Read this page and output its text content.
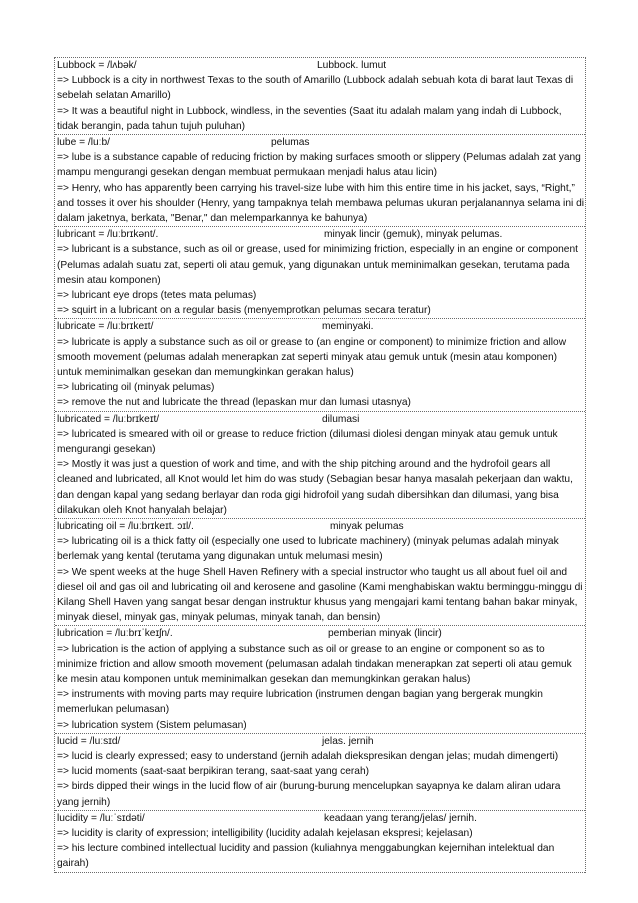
Lubbock = /lʌbək/	Lubbock. lumut
=> Lubbock is a city in northwest Texas to the south of Amarillo (Lubbock adalah sebuah kota di barat laut Texas di sebelah selatan Amarillo)
=> It was a beautiful night in Lubbock, windless, in the seventies (Saat itu adalah malam yang indah di Lubbock, tidak berangin, pada tahun tujuh puluhan)
lube = /luːb/	pelumas
=> lube is a substance capable of reducing friction by making surfaces smooth or slippery (Pelumas adalah zat yang mampu mengurangi gesekan dengan membuat permukaan menjadi halus atau licin)
=> Henry, who has apparently been carrying his travel-size lube with him this entire time in his jacket, says, “Right,” and tosses it over his shoulder (Henry, yang tampaknya telah membawa pelumas ukuran perjalanannya selama ini di dalam jaketnya, berkata, "Benar," dan melemparkannya ke bahunya)
lubricant = /luːbrɪkənt/.	minyak lincir (gemuk), minyak pelumas.
=> lubricant is a substance, such as oil or grease, used for minimizing friction, especially in an engine or component (Pelumas adalah suatu zat, seperti oli atau gemuk, yang digunakan untuk meminimalkan gesekan, terutama pada mesin atau komponen)
=> lubricant eye drops (tetes mata pelumas)
=> squirt in a lubricant on a regular basis (menyemprotkan pelumas secara teratur)
lubricate = /luːbrɪkeɪt/	meminyaki.
=> lubricate is apply a substance such as oil or grease to (an engine or component) to minimize friction and allow smooth movement (pelumas adalah menerapkan zat seperti minyak atau gemuk untuk (mesin atau komponen) untuk meminimalkan gesekan dan memungkinkan gerakan halus)
=> lubricating oil (minyak pelumas)
=> remove the nut and lubricate the thread (lepaskan mur dan lumasi utasnya)
lubricated = /luːbrɪkeɪt/	dilumasi
=> lubricated is smeared with oil or grease to reduce friction (dilumasi diolesi dengan minyak atau gemuk untuk mengurangi gesekan)
=> Mostly it was just a question of work and time, and with the ship pitching around and the hydrofoil gears all cleaned and lubricated, all Knot would let him do was study (Sebagian besar hanya masalah pekerjaan dan waktu, dan dengan kapal yang sedang berlayar dan roda gigi hidrofoil yang sudah dibersihkan dan dilumasi, yang bisa dilakukan oleh Knot hanyalah belajar)
lubricating oil = /luːbrɪkeɪt. ɔɪl/.	minyak pelumas
=> lubricating oil is a thick fatty oil (especially one used to lubricate machinery) (minyak pelumas adalah minyak berlemak yang kental (terutama yang digunakan untuk melumasi mesin)
=> We spent weeks at the huge Shell Haven Refinery with a special instructor who taught us all about fuel oil and diesel oil and gas oil and lubricating oil and kerosene and gasoline (Kami menghabiskan waktu berminggu-minggu di Kilang Shell Haven yang sangat besar dengan instruktur khusus yang mengajari kami tentang bahan bakar minyak, minyak diesel, minyak gas, minyak pelumas, minyak tanah, dan bensin)
lubrication = /luːbrɪˈkeɪʃn/.	pemberian minyak (lincir)
=> lubrication is the action of applying a substance such as oil or grease to an engine or component so as to minimize friction and allow smooth movement (pelumasan adalah tindakan menerapkan zat seperti oli atau gemuk ke mesin atau komponen untuk meminimalkan gesekan dan memungkinkan gerakan halus)
=> instruments with moving parts may require lubrication (instrumen dengan bagian yang bergerak mungkin memerlukan pelumasan)
=> lubrication system (Sistem pelumasan)
lucid = /luːsɪd/	jelas. jernih
=> lucid is clearly expressed; easy to understand (jernih adalah diekspresikan dengan jelas; mudah dimengerti)
=> lucid moments (saat-saat berpikiran terang, saat-saat yang cerah)
=> birds dipped their wings in the lucid flow of air (burung-burung mencelupkan sayapnya ke dalam aliran udara yang jernih)
lucidity = /luːˈsɪdəti/	keadaan yang terang/jelas/ jernih.
=> lucidity is clarity of expression; intelligibility (lucidity adalah kejelasan ekspresi; kejelasan)
=> his lecture combined intellectual lucidity and passion (kuliahnya menggabungkan kejernihan intelektual dan gairah)
